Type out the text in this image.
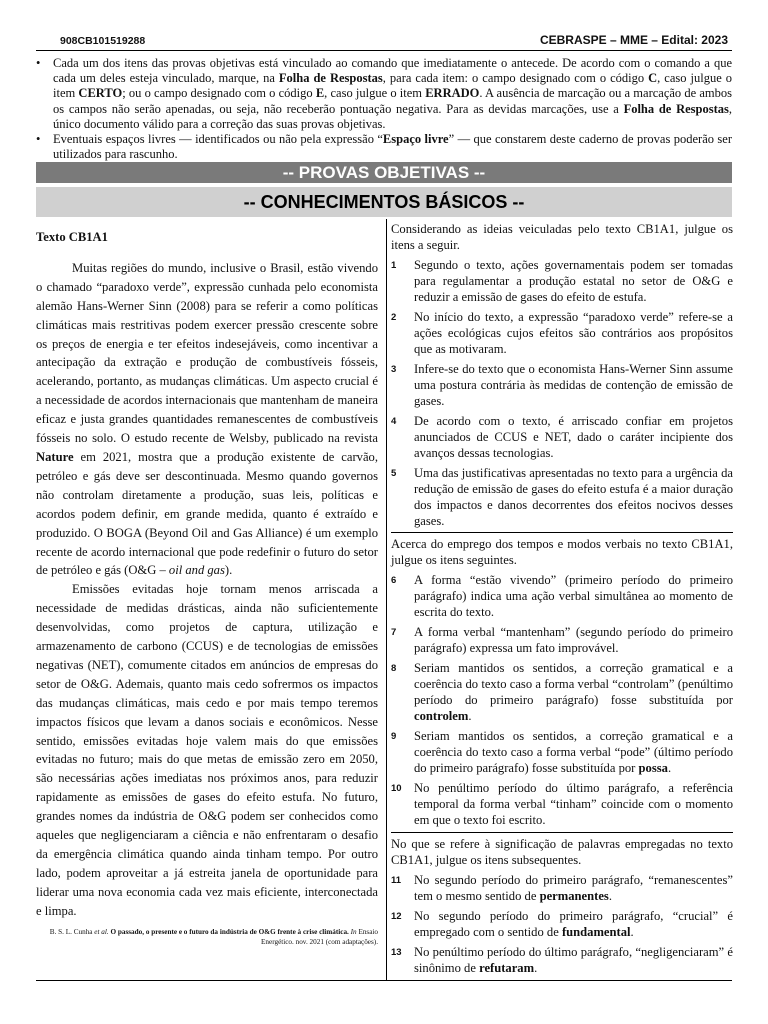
908CB101519288	CEBRASPE – MME – Edital: 2023
• Cada um dos itens das provas objetivas está vinculado ao comando que imediatamente o antecede. De acordo com o comando a que cada um deles esteja vinculado, marque, na Folha de Respostas, para cada item: o campo designado com o código C, caso julgue o item CERTO; ou o campo designado com o código E, caso julgue o item ERRADO. A ausência de marcação ou a marcação de ambos os campos não serão apenadas, ou seja, não receberão pontuação negativa. Para as devidas marcações, use a Folha de Respostas, único documento válido para a correção das suas provas objetivas.
• Eventuais espaços livres — identificados ou não pela expressão “Espaço livre” — que constarem deste caderno de provas poderão ser utilizados para rascunho.
-- PROVAS OBJETIVAS --
-- CONHECIMENTOS BÁSICOS --
Texto CB1A1

Muitas regiões do mundo, inclusive o Brasil, estão vivendo o chamado “paradoxo verde”, expressão cunhada pelo economista alemão Hans-Werner Sinn (2008) para se referir a como políticas climáticas mais restritivas podem exercer pressão crescente sobre os preços de energia e ter efeitos indesejáveis, como incentivar a antecipação da extração e produção de combustíveis fósseis, acelerando, portanto, as mudanças climáticas. Um aspecto crucial é a necessidade de acordos internacionais que mantenham de maneira eficaz e justa grandes quantidades remanescentes de combustíveis fósseis no solo. O estudo recente de Welsby, publicado na revista Nature em 2021, mostra que a produção existente de carvão, petróleo e gás deve ser descontinuada. Mesmo quando governos não controlam diretamente a produção, suas leis, políticas e acordos podem definir, em grande medida, quanto é extraído e produzido. O BOGA (Beyond Oil and Gas Alliance) é um exemplo recente de acordo internacional que pode redefinir o futuro do setor de petróleo e gás (O&G – oil and gas).

Emissões evitadas hoje tornam menos arriscada a necessidade de medidas drásticas, ainda não suficientemente desenvolvidas, como projetos de captura, utilização e armazenamento de carbono (CCUS) e de tecnologias de emissões negativas (NET), comumente citados em anúncios de empresas do setor de O&G. Ademais, quanto mais cedo sofrermos os impactos das mudanças climáticas, mais cedo e por mais tempo teremos impactos físicos que levam a danos sociais e econômicos. Nesse sentido, emissões evitadas hoje valem mais do que emissões evitadas no futuro; mais do que metas de emissão zero em 2050, são necessárias ações imediatas nos próximos anos, para reduzir rapidamente as emissões de gases do efeito estufa. No futuro, grandes nomes da indústria de O&G podem ser conhecidos como aqueles que negligenciaram a ciência e não enfrentaram o desafio da emergência climática quando ainda tinham tempo. Por outro lado, podem aproveitar a já estreita janela de oportunidade para liderar uma nova economia cada vez mais eficiente, interconectada e limpa.

B. S. L. Cunha et al. O passado, o presente e o futuro da indústria de O&G frente à crise climática. In Ensaio Energético. nov. 2021 (com adaptações).
Considerando as ideias veiculadas pelo texto CB1A1, julgue os itens a seguir.
1 Segundo o texto, ações governamentais podem ser tomadas para regulamentar a produção estatal no setor de O&G e reduzir a emissão de gases do efeito de estufa.
2 No início do texto, a expressão “paradoxo verde” refere-se a ações ecológicas cujos efeitos são contrários aos propósitos que as motivaram.
3 Infere-se do texto que o economista Hans-Werner Sinn assume uma postura contrária às medidas de contenção de emissão de gases.
4 De acordo com o texto, é arriscado confiar em projetos anunciados de CCUS e NET, dado o caráter incipiente dos avanços dessas tecnologias.
5 Uma das justificativas apresentadas no texto para a urgência da redução de emissão de gases do efeito estufa é a maior duração dos impactos e danos decorrentes dos efeitos nocivos desses gases.
Acerca do emprego dos tempos e modos verbais no texto CB1A1, julgue os itens seguintes.
6 A forma “estão vivendo” (primeiro período do primeiro parágrafo) indica uma ação verbal simultânea ao momento de escrita do texto.
7 A forma verbal “mantenham” (segundo período do primeiro parágrafo) expressa um fato improvável.
8 Seriam mantidos os sentidos, a correção gramatical e a coerência do texto caso a forma verbal “controlam” (penúltimo período do primeiro parágrafo) fosse substituída por controlem.
9 Seriam mantidos os sentidos, a correção gramatical e a coerência do texto caso a forma verbal “pode” (último período do primeiro parágrafo) fosse substituída por possa.
10 No penúltimo período do último parágrafo, a referência temporal da forma verbal “tinham” coincide com o momento em que o texto foi escrito.
No que se refere à significação de palavras empregadas no texto CB1A1, julgue os itens subsequentes.
11 No segundo período do primeiro parágrafo, “remanescentes” tem o mesmo sentido de permanentes.
12 No segundo período do primeiro parágrafo, “crucial” é empregado com o sentido de fundamental.
13 No penúltimo período do último parágrafo, “negligenciaram” é sinônimo de refutaram.
